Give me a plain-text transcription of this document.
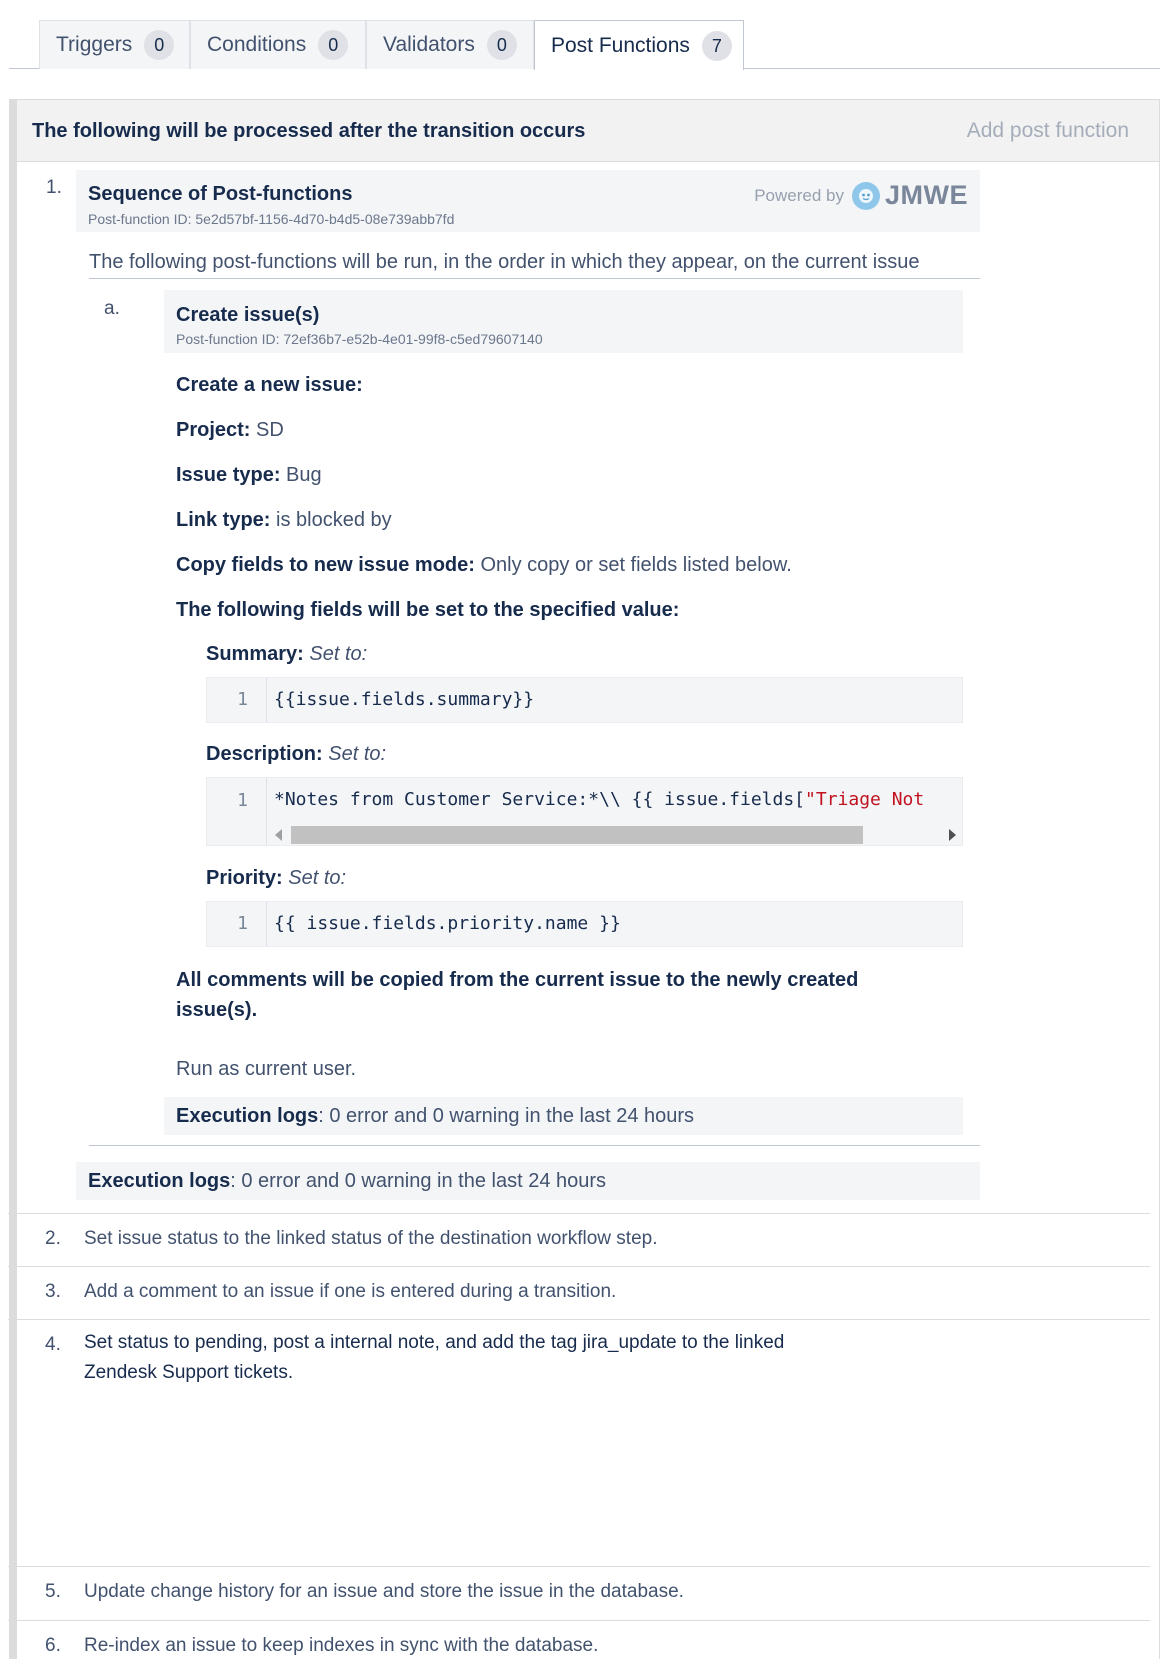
Triggers	0	Conditions	0	Validators	0	Post Functions	7
The following will be processed after the transition occurs	Add post function
1. Sequence of Post-functions
Post-function ID: 5e2d57bf-1156-4d70-b4d5-08e739abb7fd
Powered by JMWE
The following post-functions will be run, in the order in which they appear, on the current issue
a.	Create issue(s)
Post-function ID: 72ef36b7-e52b-4e01-99f8-c5ed79607140
Create a new issue:
Project: SD
Issue type: Bug
Link type: is blocked by
Copy fields to new issue mode: Only copy or set fields listed below.
The following fields will be set to the specified value:
Summary: Set to:
1	{{issue.fields.summary}}
Description: Set to:
1	*Notes from Customer Service:*\\ {{ issue.fields["Triage Not
Priority: Set to:
1	{{ issue.fields.priority.name }}
All comments will be copied from the current issue to the newly created issue(s).
Run as current user.
Execution logs: 0 error and 0 warning in the last 24 hours
Execution logs: 0 error and 0 warning in the last 24 hours
2. Set issue status to the linked status of the destination workflow step.
3. Add a comment to an issue if one is entered during a transition.
4. Set status to pending, post a internal note, and add the tag jira_update to the linked Zendesk Support tickets.
5. Update change history for an issue and store the issue in the database.
6. Re-index an issue to keep indexes in sync with the database.
